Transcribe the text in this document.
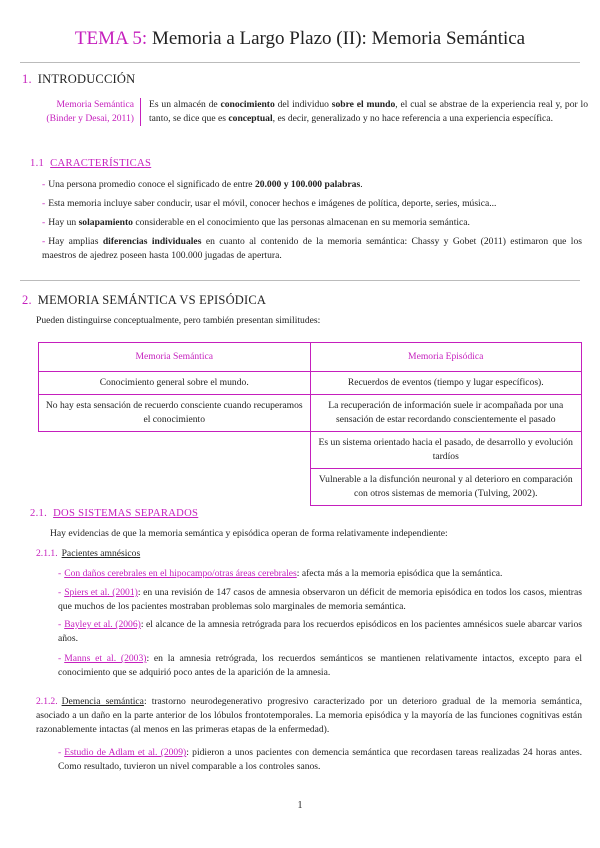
TEMA 5: Memoria a Largo Plazo (II): Memoria Semántica
1. INTRODUCCIÓN
Memoria Semántica
(Binder y Desai, 2011)
Es un almacén de conocimiento del individuo sobre el mundo, el cual se abstrae de la experiencia real y, por lo tanto, se dice que es conceptual, es decir, generalizado y no hace referencia a una experiencia específica.
1.1 CARACTERÍSTICAS
- Una persona promedio conoce el significado de entre 20.000 y 100.000 palabras.
- Esta memoria incluye saber conducir, usar el móvil, conocer hechos e imágenes de política, deporte, series, música...
- Hay un solapamiento considerable en el conocimiento que las personas almacenan en su memoria semántica.
- Hay amplias diferencias individuales en cuanto al contenido de la memoria semántica: Chassy y Gobet (2011) estimaron que los maestros de ajedrez poseen hasta 100.000 jugadas de apertura.
2. MEMORIA SEMÁNTICA VS EPISÓDICA
Pueden distinguirse conceptualmente, pero también presentan similitudes:
Memoria Semántica	Memoria Episódica
Conocimiento general sobre el mundo.	Recuerdos de eventos (tiempo y lugar específicos).
No hay esta sensación de recuerdo consciente cuando recuperamos el conocimiento	La recuperación de información suele ir acompañada por una sensación de estar recordando conscientemente el pasado
	Es un sistema orientado hacia el pasado, de desarrollo y evolución tardíos
	Vulnerable a la disfunción neuronal y al deterioro en comparación con otros sistemas de memoria (Tulving, 2002).
2.1. DOS SISTEMAS SEPARADOS
Hay evidencias de que la memoria semántica y episódica operan de forma relativamente independiente:
2.1.1. Pacientes amnésicos
- Con daños cerebrales en el hipocampo/otras áreas cerebrales: afecta más a la memoria episódica que la semántica.
- Spiers et al. (2001): en una revisión de 147 casos de amnesia observaron un déficit de memoria episódica en todos los casos, mientras que muchos de los pacientes mostraban problemas solo marginales de memoria semántica.
- Bayley et al. (2006): el alcance de la amnesia retrógrada para los recuerdos episódicos en los pacientes amnésicos suele abarcar varios años.
- Manns et al. (2003): en la amnesia retrógrada, los recuerdos semánticos se mantienen relativamente intactos, excepto para el conocimiento que se adquirió poco antes de la aparición de la amnesia.
2.1.2. Demencia semántica: trastorno neurodegenerativo progresivo caracterizado por un deterioro gradual de la memoria semántica, asociado a un daño en la parte anterior de los lóbulos frontotemporales. La memoria episódica y la mayoría de las funciones cognitivas están razonablemente intactas (al menos en las primeras etapas de la enfermedad).
- Estudio de Adlam et al. (2009): pidieron a unos pacientes con demencia semántica que recordasen tareas realizadas 24 horas antes. Como resultado, tuvieron un nivel comparable a los controles sanos.
1
